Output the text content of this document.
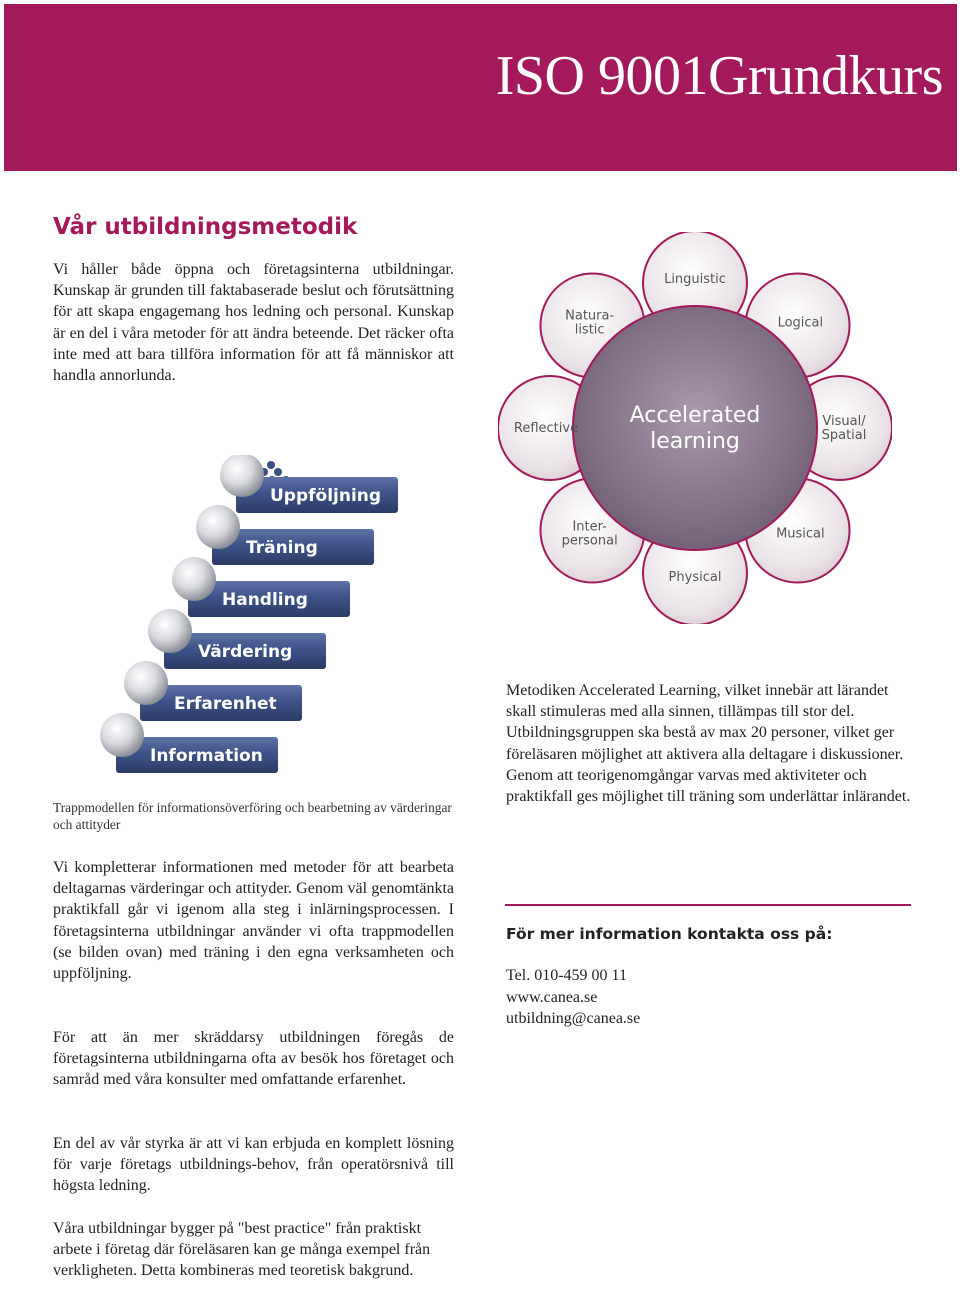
ISO 9001Grundkurs
Vår utbildningsmetodik
Vi håller både öppna och företagsinterna utbildningar. Kunskap är grunden till faktabaserade beslut och förutsättning för att skapa engagemang hos ledning och personal. Kunskap är en del i våra metoder för att ändra beteende. Det räcker ofta inte med att bara tillföra information för att få människor att handla annorlunda.
Accelerated learning
Linguistic
Logical
Visual/ Spatial
Musical
Physical
Inter-personal
Reflective
Natura-listic
Information
Erfarenhet
Värdering
Handling
Träning
Uppföljning
Trappmodellen för informationsöverföring och bearbetning av värderingar och attityder
Vi kompletterar informationen med metoder för att bearbeta deltagarnas värderingar och attityder. Genom väl genomtänkta praktikfall går vi igenom alla steg i inlärningsprocessen. I företagsinterna utbildningar använder vi ofta trappmodellen (se bilden ovan) med träning i den egna verksamheten och uppföljning.
För att än mer skräddarsy utbildningen föregås de företagsinterna utbildningarna ofta av besök hos företaget och samråd med våra konsulter med omfattande erfarenhet.
En del av vår styrka är att vi kan erbjuda en komplett lösning för varje företags utbildnings-behov, från operatörsnivå till högsta ledning.
Våra utbildningar bygger på "best practice" från praktiskt arbete i företag där föreläsaren kan ge många exempel från verkligheten. Detta kombineras med teoretisk bakgrund.
Metodiken Accelerated Learning, vilket innebär att lärandet skall stimuleras med alla sinnen, tillämpas till stor del. Utbildningsgruppen ska bestå av max 20 personer, vilket ger föreläsaren möjlighet att aktivera alla deltagare i diskussioner. Genom att teorigenomgångar varvas med aktiviteter och praktikfall ges möjlighet till träning som underlättar inlärandet.
För mer information kontakta oss på:
Tel. 010-459 00 11
www.canea.se
utbildning@canea.se
